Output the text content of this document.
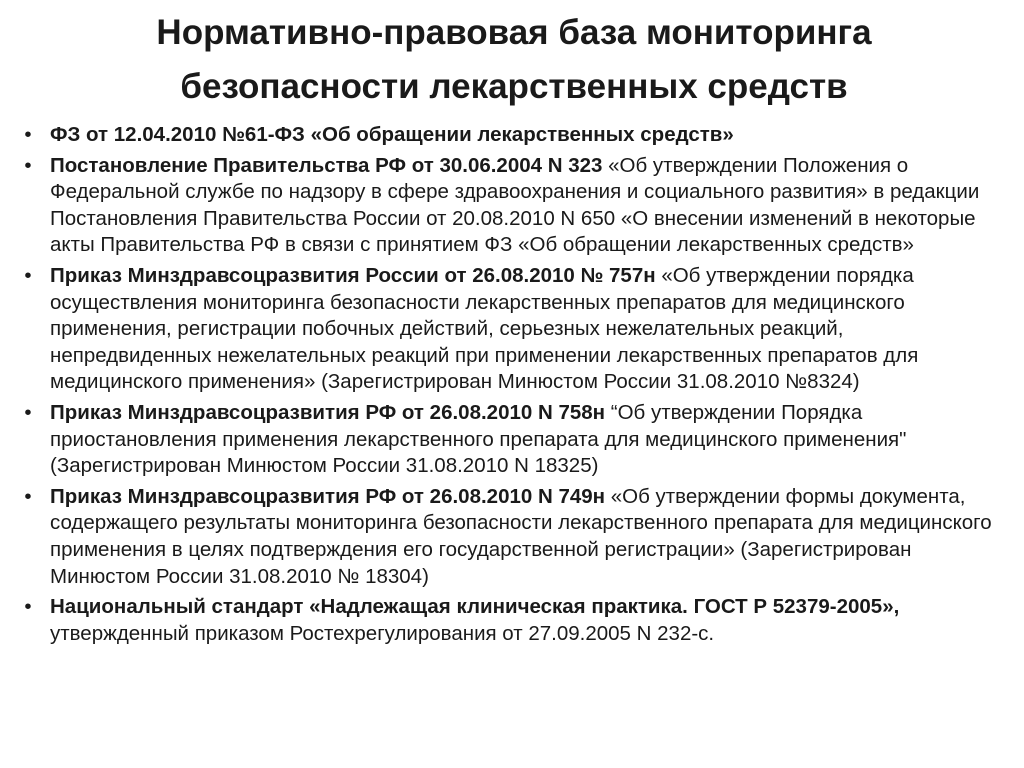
Нормативно-правовая база мониторинга
безопасности лекарственных средств
• ФЗ от 12.04.2010 №61-ФЗ «Об обращении лекарственных средств»
• Постановление Правительства РФ от 30.06.2004 N 323 «Об утверждении Положения о Федеральной службе по надзору в сфере здравоохранения и социального развития» в редакции Постановления Правительства России от 20.08.2010 N 650 «О внесении изменений в некоторые акты Правительства РФ в связи с принятием ФЗ «Об обращении лекарственных средств»
• Приказ Минздравсоцразвития России от 26.08.2010 № 757н «Об утверждении порядка осуществления мониторинга безопасности лекарственных препаратов для медицинского применения, регистрации побочных действий, серьезных нежелательных реакций, непредвиденных нежелательных реакций при применении лекарственных препаратов для медицинского применения» (Зарегистрирован Минюстом России 31.08.2010 №8324)
• Приказ Минздравсоцразвития РФ от 26.08.2010 N 758н “Об утверждении Порядка приостановления применения лекарственного препарата для медицинского применения"(Зарегистрирован Минюстом России 31.08.2010 N 18325)
• Приказ Минздравсоцразвития РФ от 26.08.2010 N 749н «Об утверждении формы документа, содержащего результаты мониторинга безопасности лекарственного препарата для медицинского применения в целях подтверждения его государственной регистрации» (Зарегистрирован Минюстом России 31.08.2010 № 18304)
• Национальный стандарт «Надлежащая клиническая практика. ГОСТ Р 52379-2005», утвержденный приказом Ростехрегулирования от 27.09.2005 N 232-с.
